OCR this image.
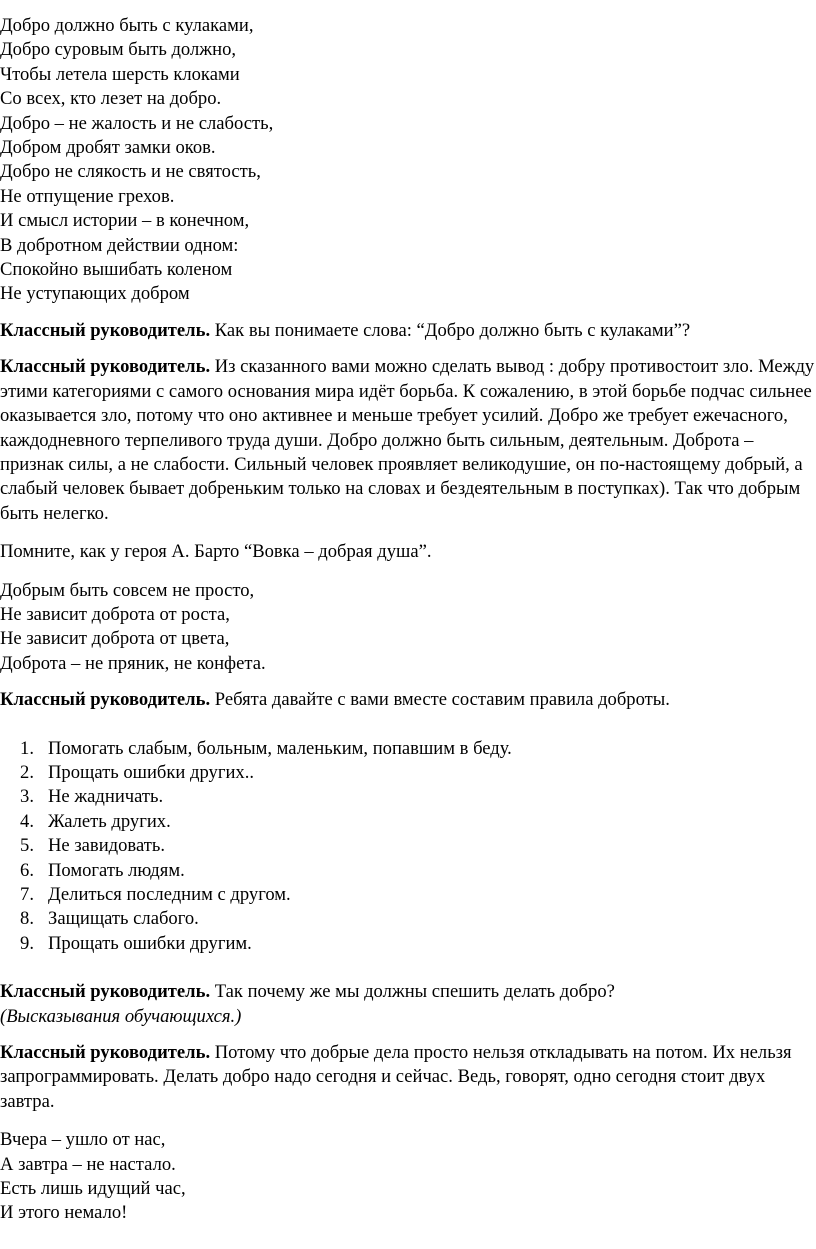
Добро должно быть с кулаками,
Добро суровым быть должно,
Чтобы летела шерсть клоками
Со всех, кто лезет на добро.
Добро – не жалость и не слабость,
Добром дробят замки оков.
Добро не слякость и не святость,
Не отпущение грехов.
И смысл истории – в конечном,
В добротном действии одном:
Спокойно вышибать коленом
Не уступающих добром
Классный руководитель. Как вы понимаете слова: “Добро должно быть с кулаками”?
Классный руководитель. Из сказанного вами можно сделать вывод : добру противостоит зло. Между этими категориями с самого основания мира идёт борьба. К сожалению, в этой борьбе подчас сильнее оказывается зло, потому что оно активнее и меньше требует усилий. Добро же требует ежечасного, каждодневного терпеливого труда души. Добро должно быть сильным, деятельным. Доброта – признак силы, а не слабости. Сильный человек проявляет великодушие, он по-настоящему добрый, а слабый человек бывает добреньким только на словах и бездеятельным в поступках). Так что добрым быть нелегко.
Помните, как у героя А. Барто “Вовка – добрая душа”.
Добрым быть совсем не просто,
Не зависит доброта от роста,
Не зависит доброта от цвета,
Доброта – не пряник, не конфета.
Классный руководитель. Ребята давайте с вами вместе составим правила доброты.
1. Помогать слабым, больным, маленьким, попавшим в беду.
2. Прощать ошибки других..
3. Не жадничать.
4. Жалеть других.
5. Не завидовать.
6. Помогать людям.
7. Делиться последним с другом.
8. Защищать слабого.
9. Прощать ошибки другим.
Классный руководитель. Так почему же мы должны спешить делать добро?
(Высказывания обучающихся.)
Классный руководитель. Потому что добрые дела просто нельзя откладывать на потом. Их нельзя запрограммировать. Делать добро надо сегодня и сейчас. Ведь, говорят, одно сегодня стоит двух завтра.
Вчера – ушло от нас,
А завтра – не настало.
Есть лишь идущий час,
И этого немало!
